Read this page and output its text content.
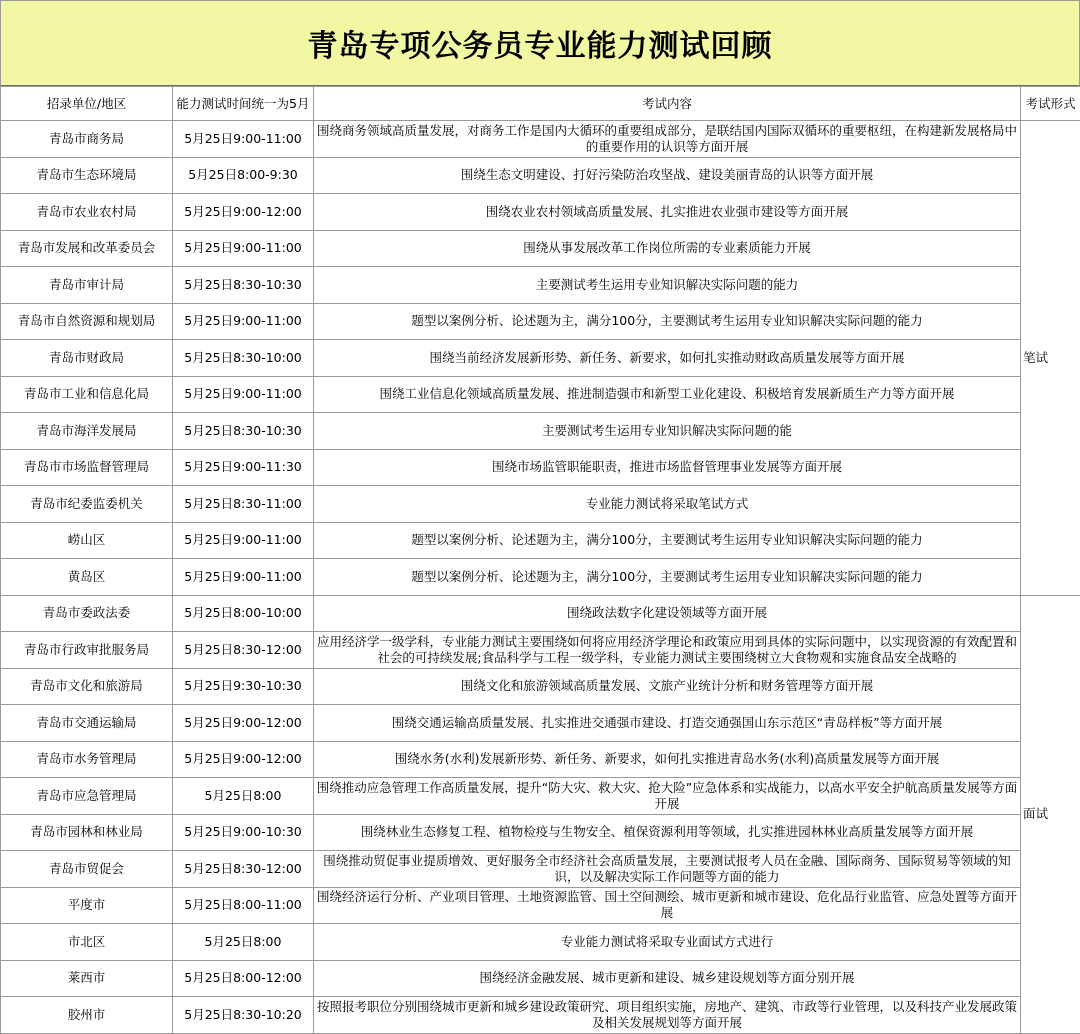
青岛专项公务员专业能力测试回顾
招录单位/地区	能力测试时间统一为5月	考试内容	考试形式
青岛市商务局	5月25日9:00-11:00	围绕商务领域高质量发展，对商务工作是国内大循环的重要组成部分，是联结国内国际双循环的重要枢纽，在构建新发展格局中的重要作用的认识等方面开展	笔试
青岛市生态环境局	5月25日8:00-9:30	围绕生态文明建设、打好污染防治攻坚战、建设美丽青岛的认识等方面开展	
青岛市农业农村局	5月25日9:00-12:00	围绕农业农村领域高质量发展、扎实推进农业强市建设等方面开展	
青岛市发展和改革委员会	5月25日9:00-11:00	围绕从事发展改革工作岗位所需的专业素质能力开展	
青岛市审计局	5月25日8:30-10:30	主要测试考生运用专业知识解决实际问题的能力	
青岛市自然资源和规划局	5月25日9:00-11:00	题型以案例分析、论述题为主，满分100分，主要测试考生运用专业知识解决实际问题的能力	
青岛市财政局	5月25日8:30-10:00	围绕当前经济发展新形势、新任务、新要求，如何扎实推动财政高质量发展等方面开展	
青岛市工业和信息化局	5月25日9:00-11:00	围绕工业信息化领域高质量发展、推进制造强市和新型工业化建设、积极培育发展新质生产力等方面开展	
青岛市海洋发展局	5月25日8:30-10:30	主要测试考生运用专业知识解决实际问题的能	
青岛市市场监督管理局	5月25日9:00-11:30	围绕市场监管职能职责，推进市场监督管理事业发展等方面开展	
青岛市纪委监委机关	5月25日8:30-11:00	专业能力测试将采取笔试方式	
崂山区	5月25日9:00-11:00	题型以案例分析、论述题为主，满分100分，主要测试考生运用专业知识解决实际问题的能力	
黄岛区	5月25日9:00-11:00	题型以案例分析、论述题为主，满分100分，主要测试考生运用专业知识解决实际问题的能力	
青岛市委政法委	5月25日8:00-10:00	围绕政法数字化建设领域等方面开展	面试
青岛市行政审批服务局	5月25日8:30-12:00	应用经济学一级学科，专业能力测试主要围绕如何将应用经济学理论和政策应用到具体的实际问题中，以实现资源的有效配置和社会的可持续发展;食品科学与工程一级学科，专业能力测试主要围绕树立大食物观和实施食品安全战略的	
青岛市文化和旅游局	5月25日9:30-10:30	围绕文化和旅游领域高质量发展、文旅产业统计分析和财务管理等方面开展	
青岛市交通运输局	5月25日9:00-12:00	围绕交通运输高质量发展、扎实推进交通强市建设、打造交通强国山东示范区“青岛样板”等方面开展	
青岛市水务管理局	5月25日9:00-12:00	围绕水务(水利)发展新形势、新任务、新要求，如何扎实推进青岛水务(水利)高质量发展等方面开展	
青岛市应急管理局	5月25日8:00	围绕推动应急管理工作高质量发展，提升“防大灾、救大灾、抢大险”应急体系和实战能力，以高水平安全护航高质量发展等方面开展	
青岛市园林和林业局	5月25日9:00-10:30	围绕林业生态修复工程、植物检疫与生物安全、植保资源利用等领域，扎实推进园林林业高质量发展等方面开展	
青岛市贸促会	5月25日8:30-12:00	围绕推动贸促事业提质增效、更好服务全市经济社会高质量发展，主要测试报考人员在金融、国际商务、国际贸易等领域的知识，以及解决实际工作问题等方面的能力	
平度市	5月25日8:00-11:00	围绕经济运行分析、产业项目管理、土地资源监管、国土空间测绘、城市更新和城市建设、危化品行业监管、应急处置等方面开展	
市北区	5月25日8:00	专业能力测试将采取专业面试方式进行	
莱西市	5月25日8:00-12:00	围绕经济金融发展、城市更新和建设、城乡建设规划等方面分别开展	
胶州市	5月25日8:30-10:20	按照报考职位分别围绕城市更新和城乡建设政策研究、项目组织实施，房地产、建筑、市政等行业管理，以及科技产业发展政策及相关发展规划等方面开展	
